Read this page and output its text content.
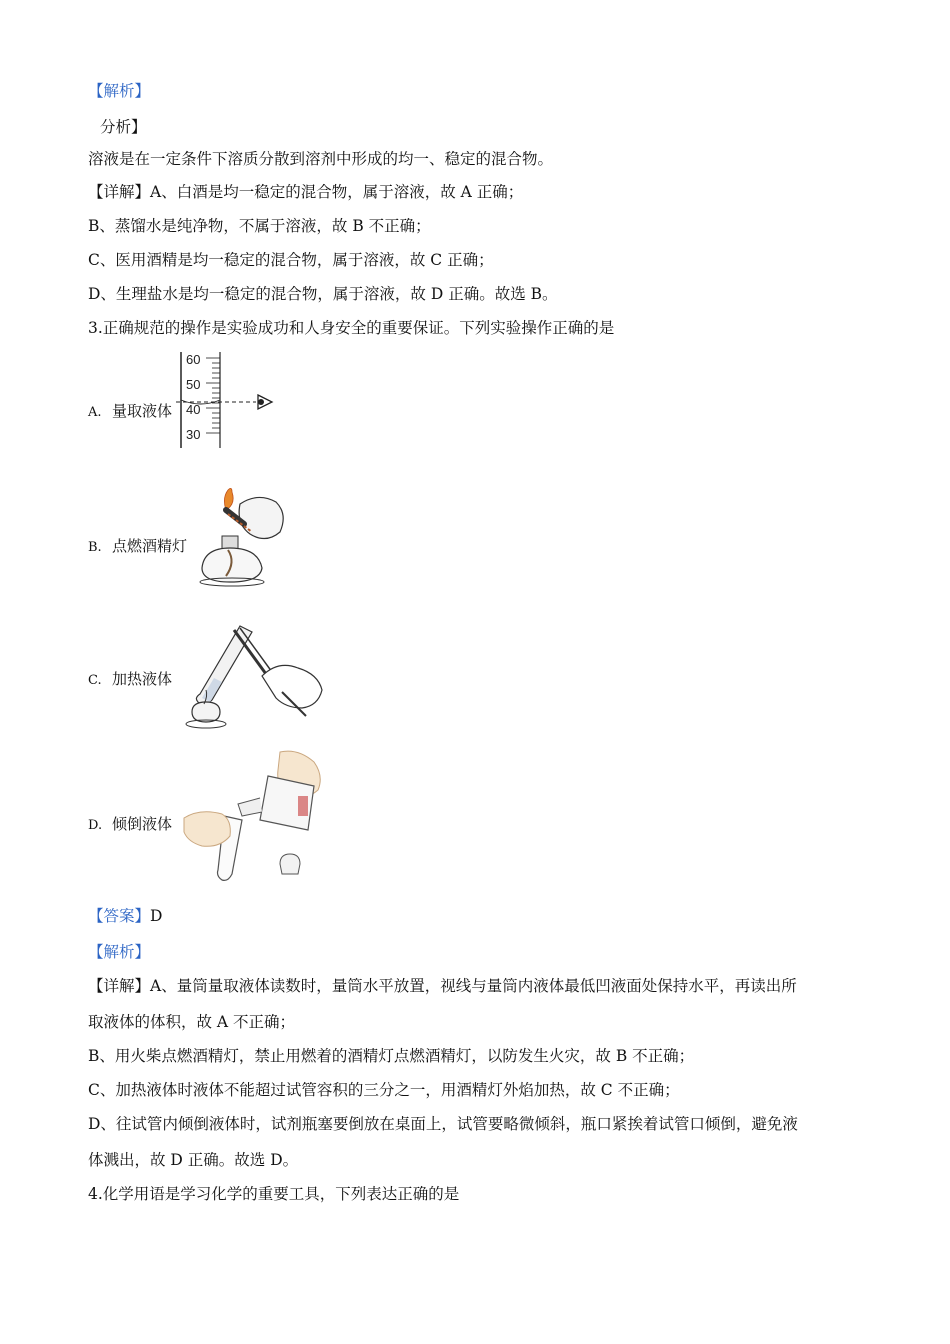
【解析】
分析】
溶液是在一定条件下溶质分散到溶剂中形成的均一、稳定的混合物。
【详解】A、白酒是均一稳定的混合物，属于溶液，故 A 正确；
B、蒸馏水是纯净物，不属于溶液，故 B 不正确；
C、医用酒精是均一稳定的混合物，属于溶液，故 C 正确；
D、生理盐水是均一稳定的混合物，属于溶液，故 D 正确。故选 B。
3.正确规范的操作是实验成功和人身安全的重要保证。下列实验操作正确的是
A. 量取液体
60
50
40
30
B. 点燃酒精灯
C. 加热液体
D. 倾倒液体
【答案】D
【解析】
【详解】A、量筒量取液体读数时，量筒水平放置，视线与量筒内液体最低凹液面处保持水平，再读出所
取液体的体积，故 A 不正确；
B、用火柴点燃酒精灯，禁止用燃着的酒精灯点燃酒精灯，以防发生火灾，故 B 不正确；
C、加热液体时液体不能超过试管容积的三分之一，用酒精灯外焰加热，故 C 不正确；
D、往试管内倾倒液体时，试剂瓶塞要倒放在桌面上，试管要略微倾斜，瓶口紧挨着试管口倾倒，避免液
体溅出，故 D 正确。故选 D。
4.化学用语是学习化学的重要工具，下列表达正确的是
